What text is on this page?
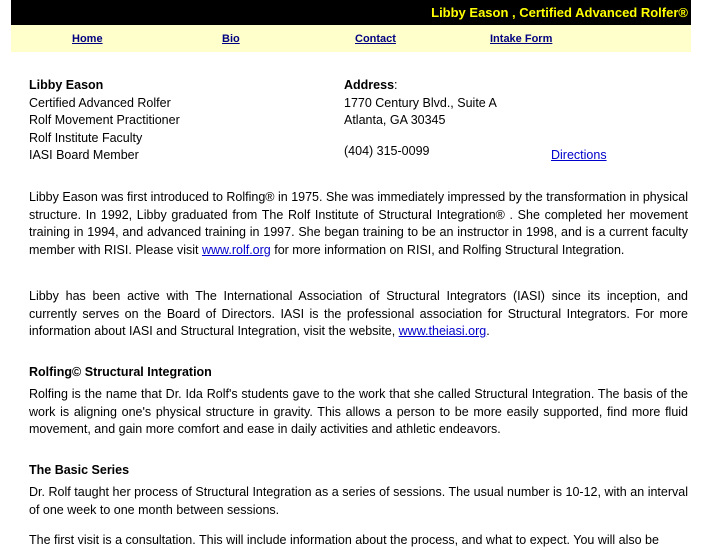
Libby Eason , Certified Advanced Rolfer®
Home	Bio	Contact	Intake Form
Libby Eason
Certified Advanced Rolfer
Rolf Movement Practitioner
Rolf Institute Faculty
IASI Board Member
Address:
1770 Century Blvd., Suite A
Atlanta, GA 30345
(404) 315-0099	Directions

Libby Eason was first introduced to Rolfing® in 1975. She was immediately impressed by the transformation in physical structure. In 1992, Libby graduated from The Rolf Institute of Structural Integration® . She completed her movement training in 1994, and advanced training in 1997. She began training to be an instructor in 1998, and is a current faculty member with RISI. Please visit www.rolf.org for more information on RISI, and Rolfing Structural Integration.

Libby has been active with The International Association of Structural Integrators (IASI) since its inception, and currently serves on the Board of Directors. IASI is the professional association for Structural Integrators. For more information about IASI and Structural Integration, visit the website, www.theiasi.org.

Rolfing© Structural Integration

Rolfing is the name that Dr. Ida Rolf's students gave to the work that she called Structural Integration. The basis of the work is aligning one's physical structure in gravity. This allows a person to be more easily supported, find more fluid movement, and gain more comfort and ease in daily activities and athletic endeavors.

The Basic Series

Dr. Rolf taught her process of Structural Integration as a series of sessions. The usual number is 10-12, with an interval of one week to one month between sessions.

The first visit is a consultation. This will include information about the process, and what to expect. You will also be
